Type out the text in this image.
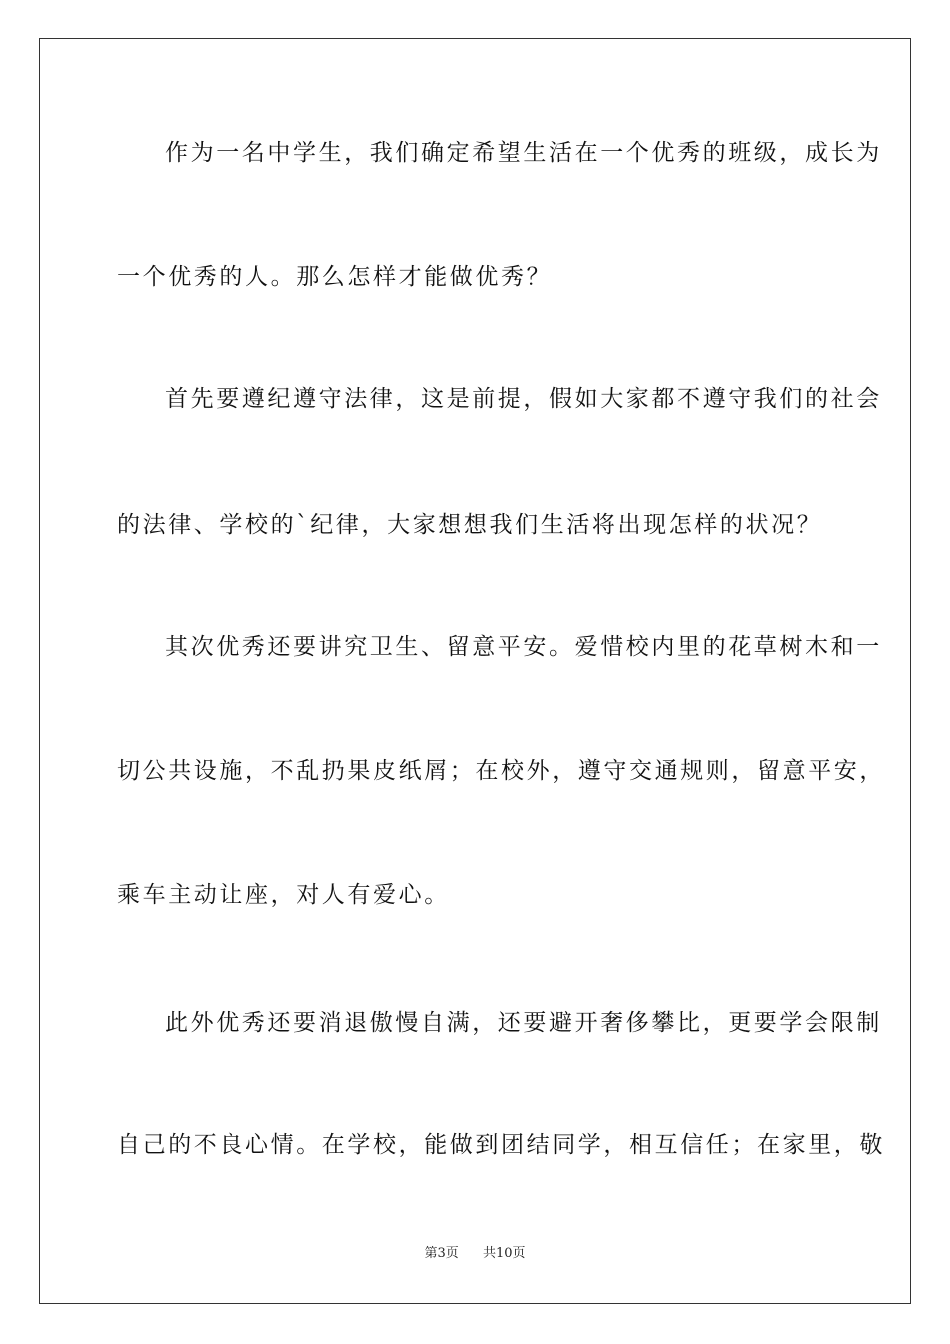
作为一名中学生，我们确定希望生活在一个优秀的班级，成长为
一个优秀的人。那么怎样才能做优秀？
首先要遵纪遵守法律，这是前提，假如大家都不遵守我们的社会
的法律、学校的`纪律，大家想想我们生活将出现怎样的状况？
其次优秀还要讲究卫生、留意平安。爱惜校内里的花草树木和一
切公共设施，不乱扔果皮纸屑；在校外，遵守交通规则，留意平安，
乘车主动让座，对人有爱心。
此外优秀还要消退傲慢自满，还要避开奢侈攀比，更要学会限制
自己的不良心情。在学校，能做到团结同学，相互信任；在家里，敬
第3页 共10页
